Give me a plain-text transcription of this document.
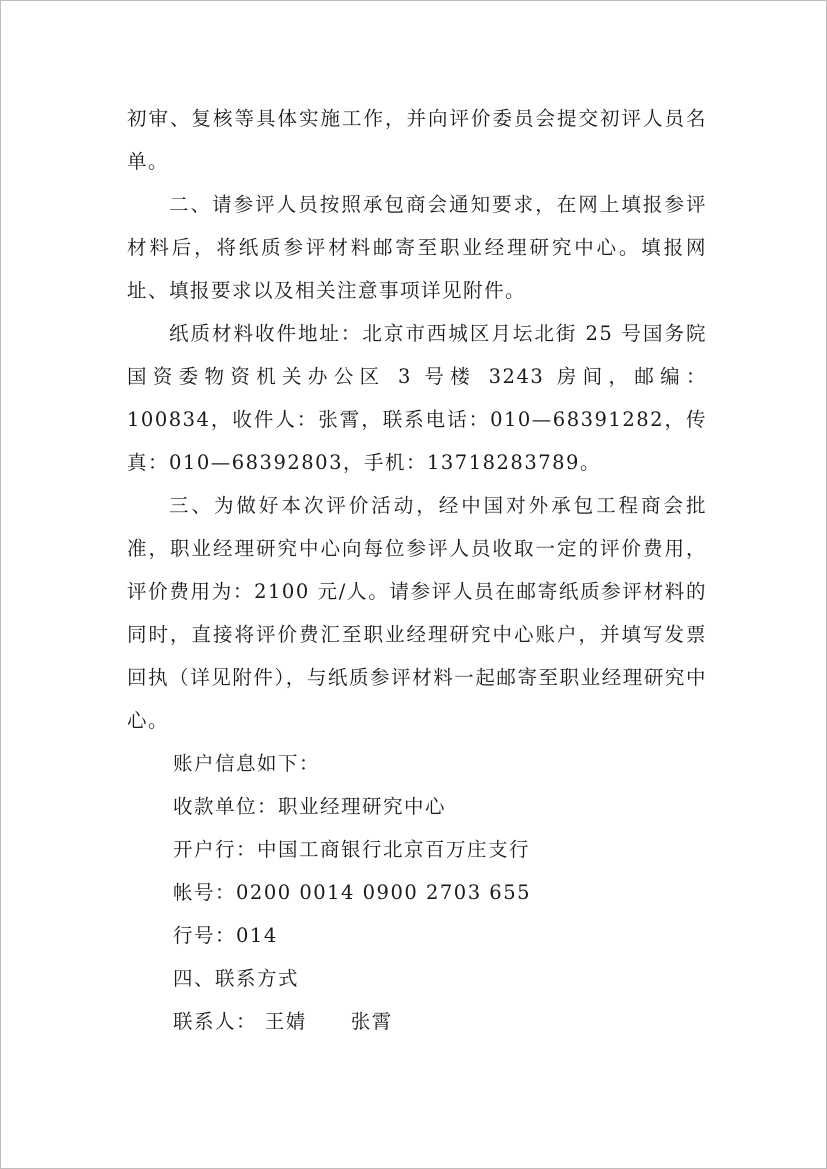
初审、复核等具体实施工作，并向评价委员会提交初评人员名单。

二、请参评人员按照承包商会通知要求，在网上填报参评材料后，将纸质参评材料邮寄至职业经理研究中心。填报网址、填报要求以及相关注意事项详见附件。

纸质材料收件地址：北京市西城区月坛北街 25 号国务院国资委物资机关办公区 3 号楼 3243 房间，邮编：100834，收件人：张霄，联系电话：010—68391282，传真：010—68392803，手机：13718283789。

三、为做好本次评价活动，经中国对外承包工程商会批准，职业经理研究中心向每位参评人员收取一定的评价费用，评价费用为：2100 元/人。请参评人员在邮寄纸质参评材料的同时，直接将评价费汇至职业经理研究中心账户，并填写发票回执（详见附件），与纸质参评材料一起邮寄至职业经理研究中心。

账户信息如下：

收款单位：职业经理研究中心

开户行：中国工商银行北京百万庄支行

帐号：0200 0014 0900 2703 655

行号：014

四、联系方式

联系人： 王婧 张霄
